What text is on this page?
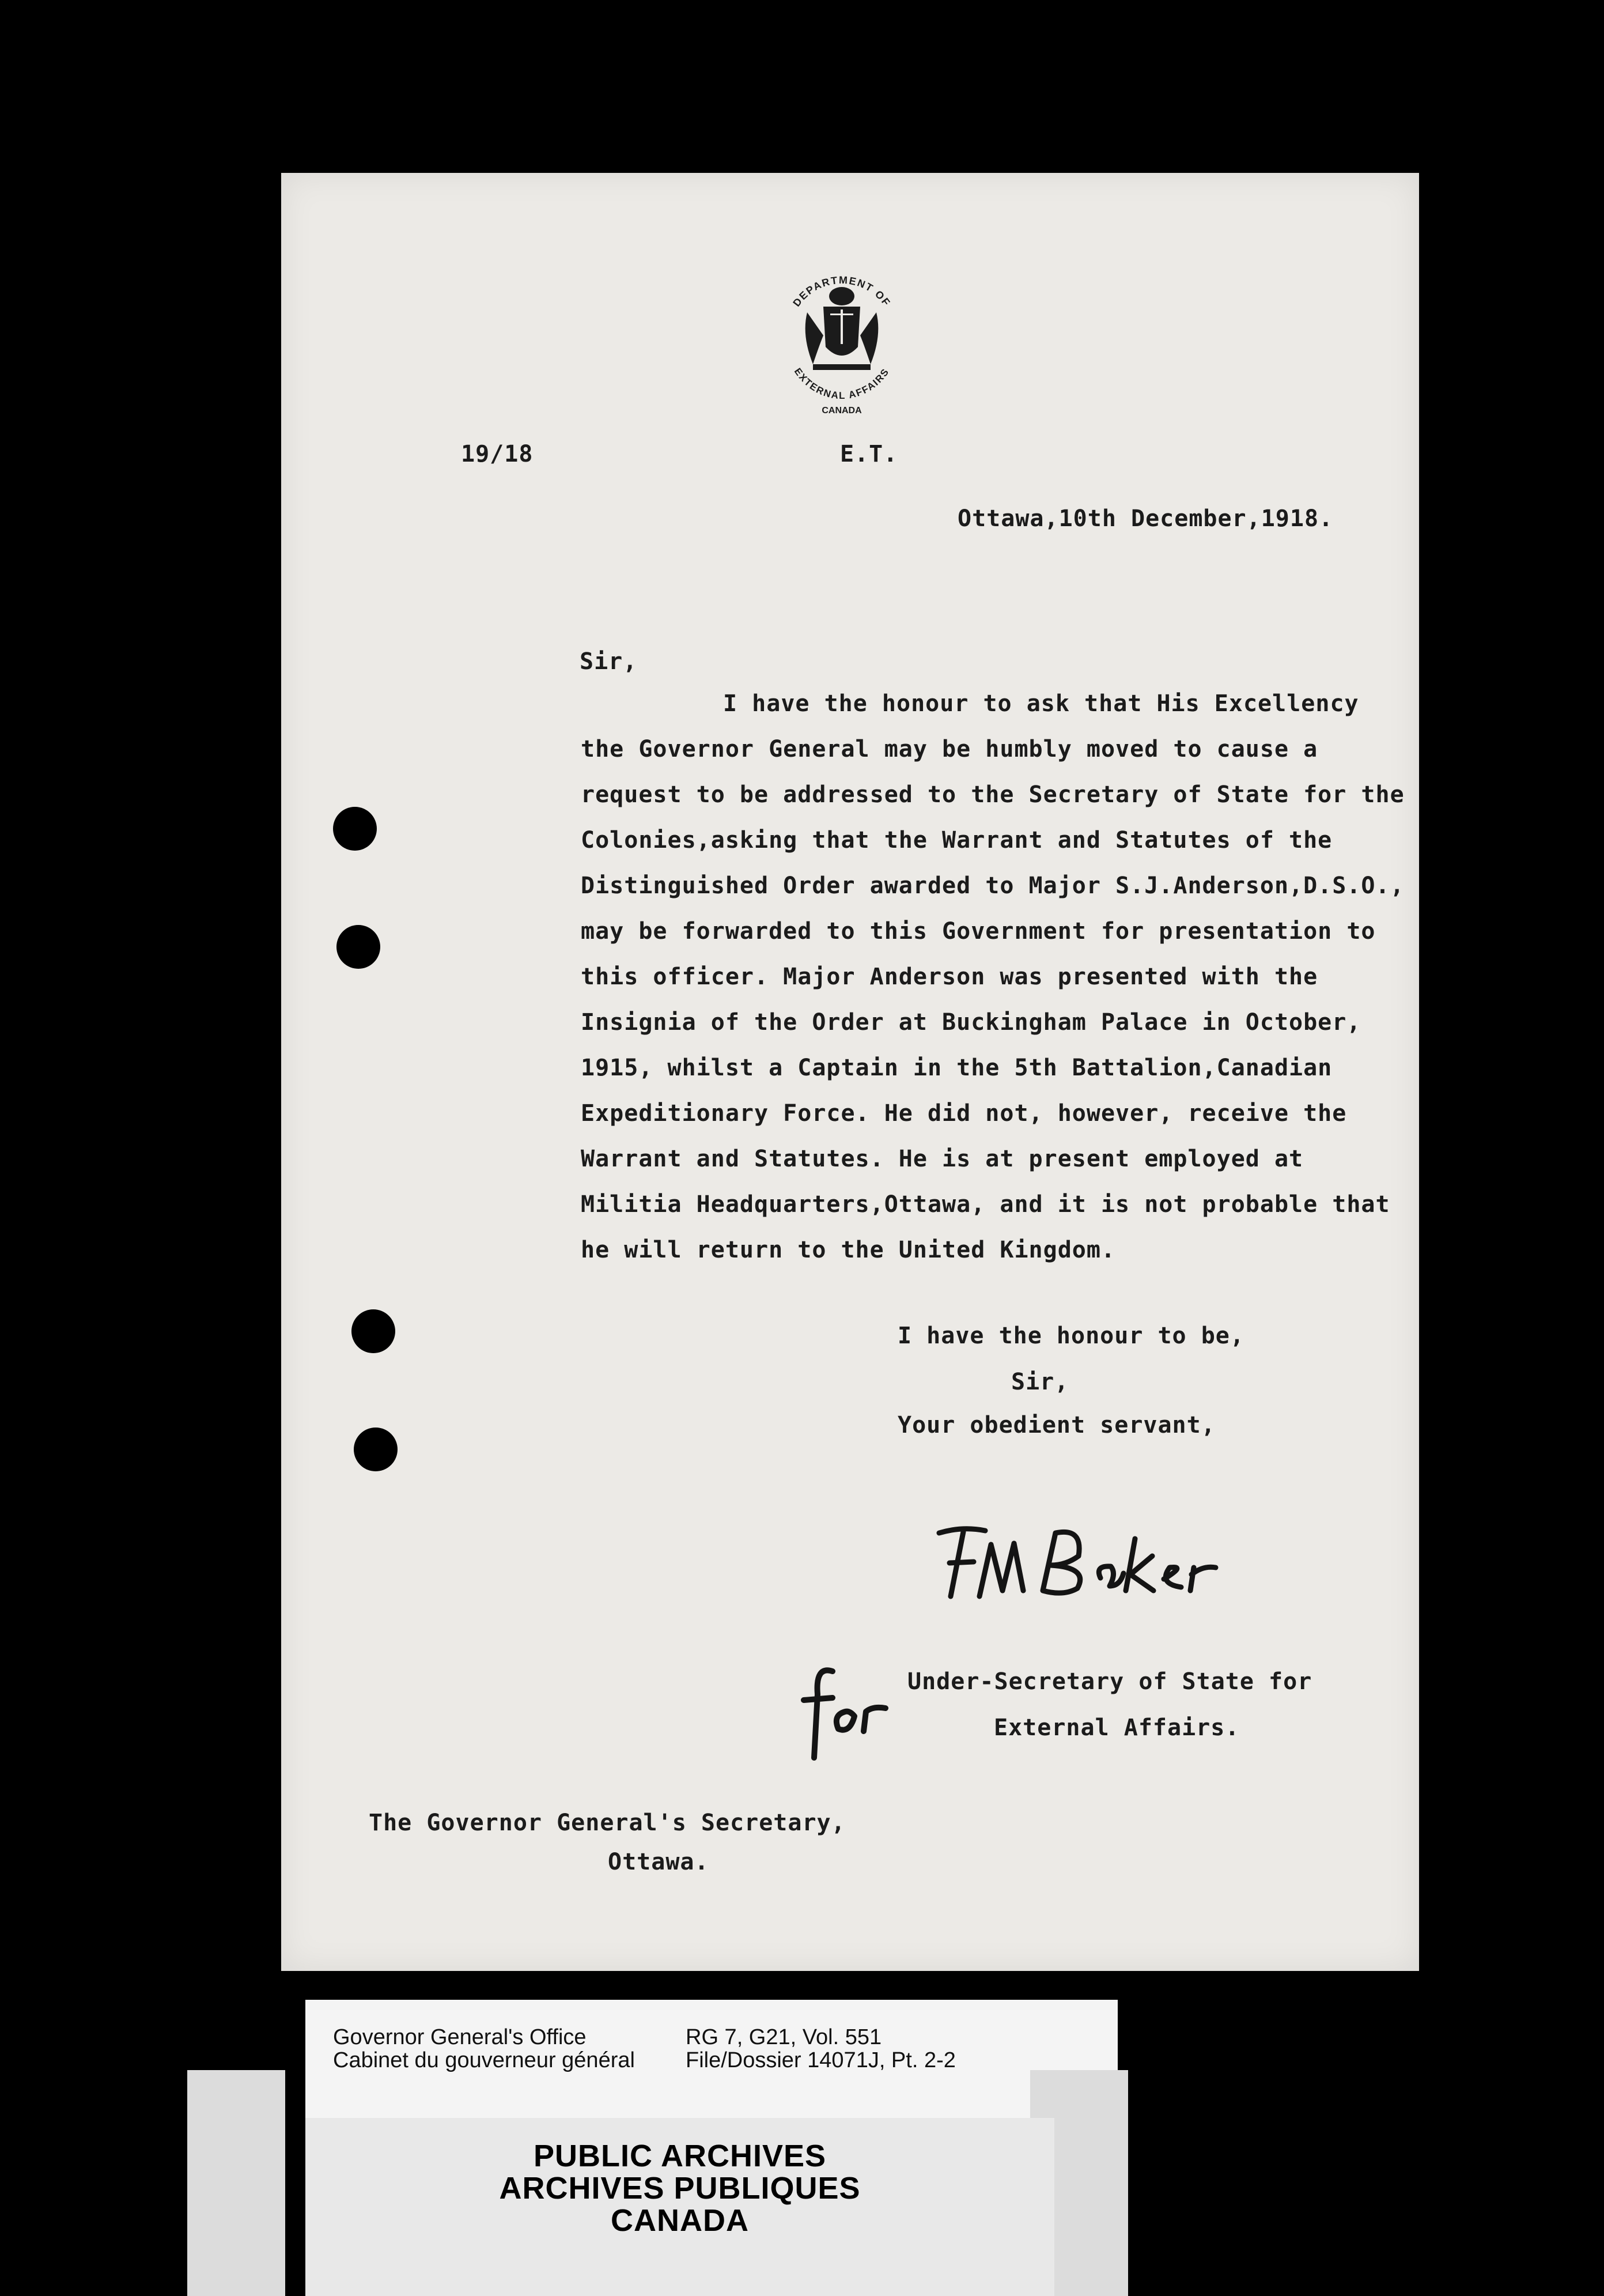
DEPARTMENT OF
EXTERNAL AFFAIRS
CANADA
19/18	E.T.
Ottawa,10th December,1918.
Sir,
I have the honour to ask that His Excellency
the Governor General may be humbly moved to cause a
request to be addressed to the Secretary of State for the
Colonies,asking that the Warrant and Statutes of the
Distinguished Order awarded to Major S.J.Anderson,D.S.O.,
may be forwarded to this Government for presentation to
this officer. Major Anderson was presented with the
Insignia of the Order at Buckingham Palace in October,
1915, whilst a Captain in the 5th Battalion,Canadian
Expeditionary Force. He did not, however, receive the
Warrant and Statutes. He is at present employed at
Militia Headquarters,Ottawa, and it is not probable that
he will return to the United Kingdom.
I have the honour to be,
Sir,
Your obedient servant,
Under-Secretary of State for
External Affairs.
The Governor General's Secretary,
Ottawa.
Governor General's Office
Cabinet du gouverneur général
RG 7, G21, Vol. 551
File/Dossier 14071J, Pt. 2-2
PUBLIC ARCHIVES
ARCHIVES PUBLIQUES
CANADA
